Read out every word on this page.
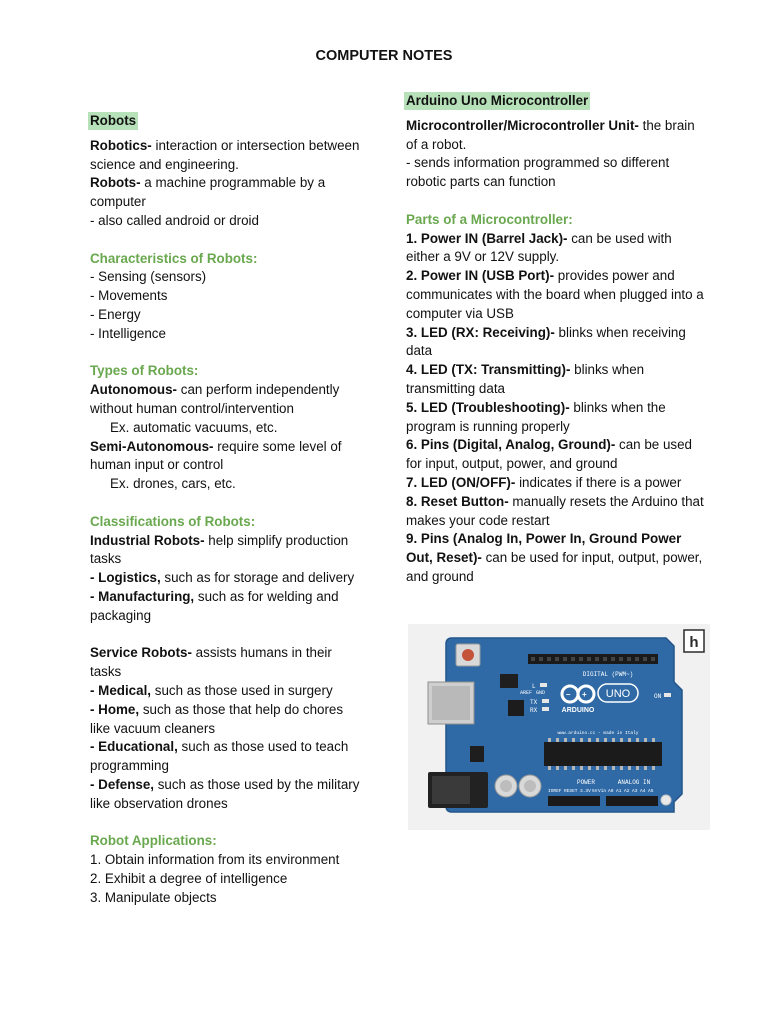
COMPUTER NOTES

Robots

Robotics- interaction or intersection between science and engineering.

Robots- a machine programmable by a computer

- also called android or droid

Characteristics of Robots:

- Sensing (sensors)

- Movements

- Energy

- Intelligence

Types of Robots:

Autonomous- can perform independently without human control/intervention

Ex. automatic vacuums, etc.

Semi-Autonomous- require some level of human input or control

Ex. drones, cars, etc.

Classifications of Robots:

Industrial Robots- help simplify production tasks

- Logistics, such as for storage and delivery

- Manufacturing, such as for welding and packaging

Service Robots- assists humans in their tasks

- Medical, such as those used in surgery

- Home, such as those that help do chores like vacuum cleaners

- Educational, such as those used to teach programming

- Defense, such as those used by the military like observation drones

Robot Applications:

1. Obtain information from its environment

2. Exhibit a degree of intelligence

3. Manipulate objects

Arduino Uno Microcontroller

Microcontroller/Microcontroller Unit- the brain of a robot.

- sends information programmed so different robotic parts can function

Parts of a Microcontroller:

1. Power IN (Barrel Jack)- can be used with either a 9V or 12V supply.

2. Power IN (USB Port)- provides power and communicates with the board when plugged into a computer via USB

3. LED (RX: Receiving)- blinks when receiving data

4. LED (TX: Transmitting)- blinks when transmitting data

5. LED (Troubleshooting)- blinks when the program is running properly

6. Pins (Digital, Analog, Ground)- can be used for input, output, power, and ground

7. LED (ON/OFF)- indicates if there is a power

8. Reset Button- manually resets the Arduino that makes your code restart

9. Pins (Analog In, Power In, Ground Power Out, Reset)- can be used for input, output, power, and ground

DIGITAL (PWM~)
AREF GND
L
TX
RX
– +
ARDUINO
UNO	ON
www.arduino.cc - made in Italy
POWER	ANALOG IN
IOREF RESET 3.3V 5V Vin A0 A1 A2 A3 A4 A5
h
